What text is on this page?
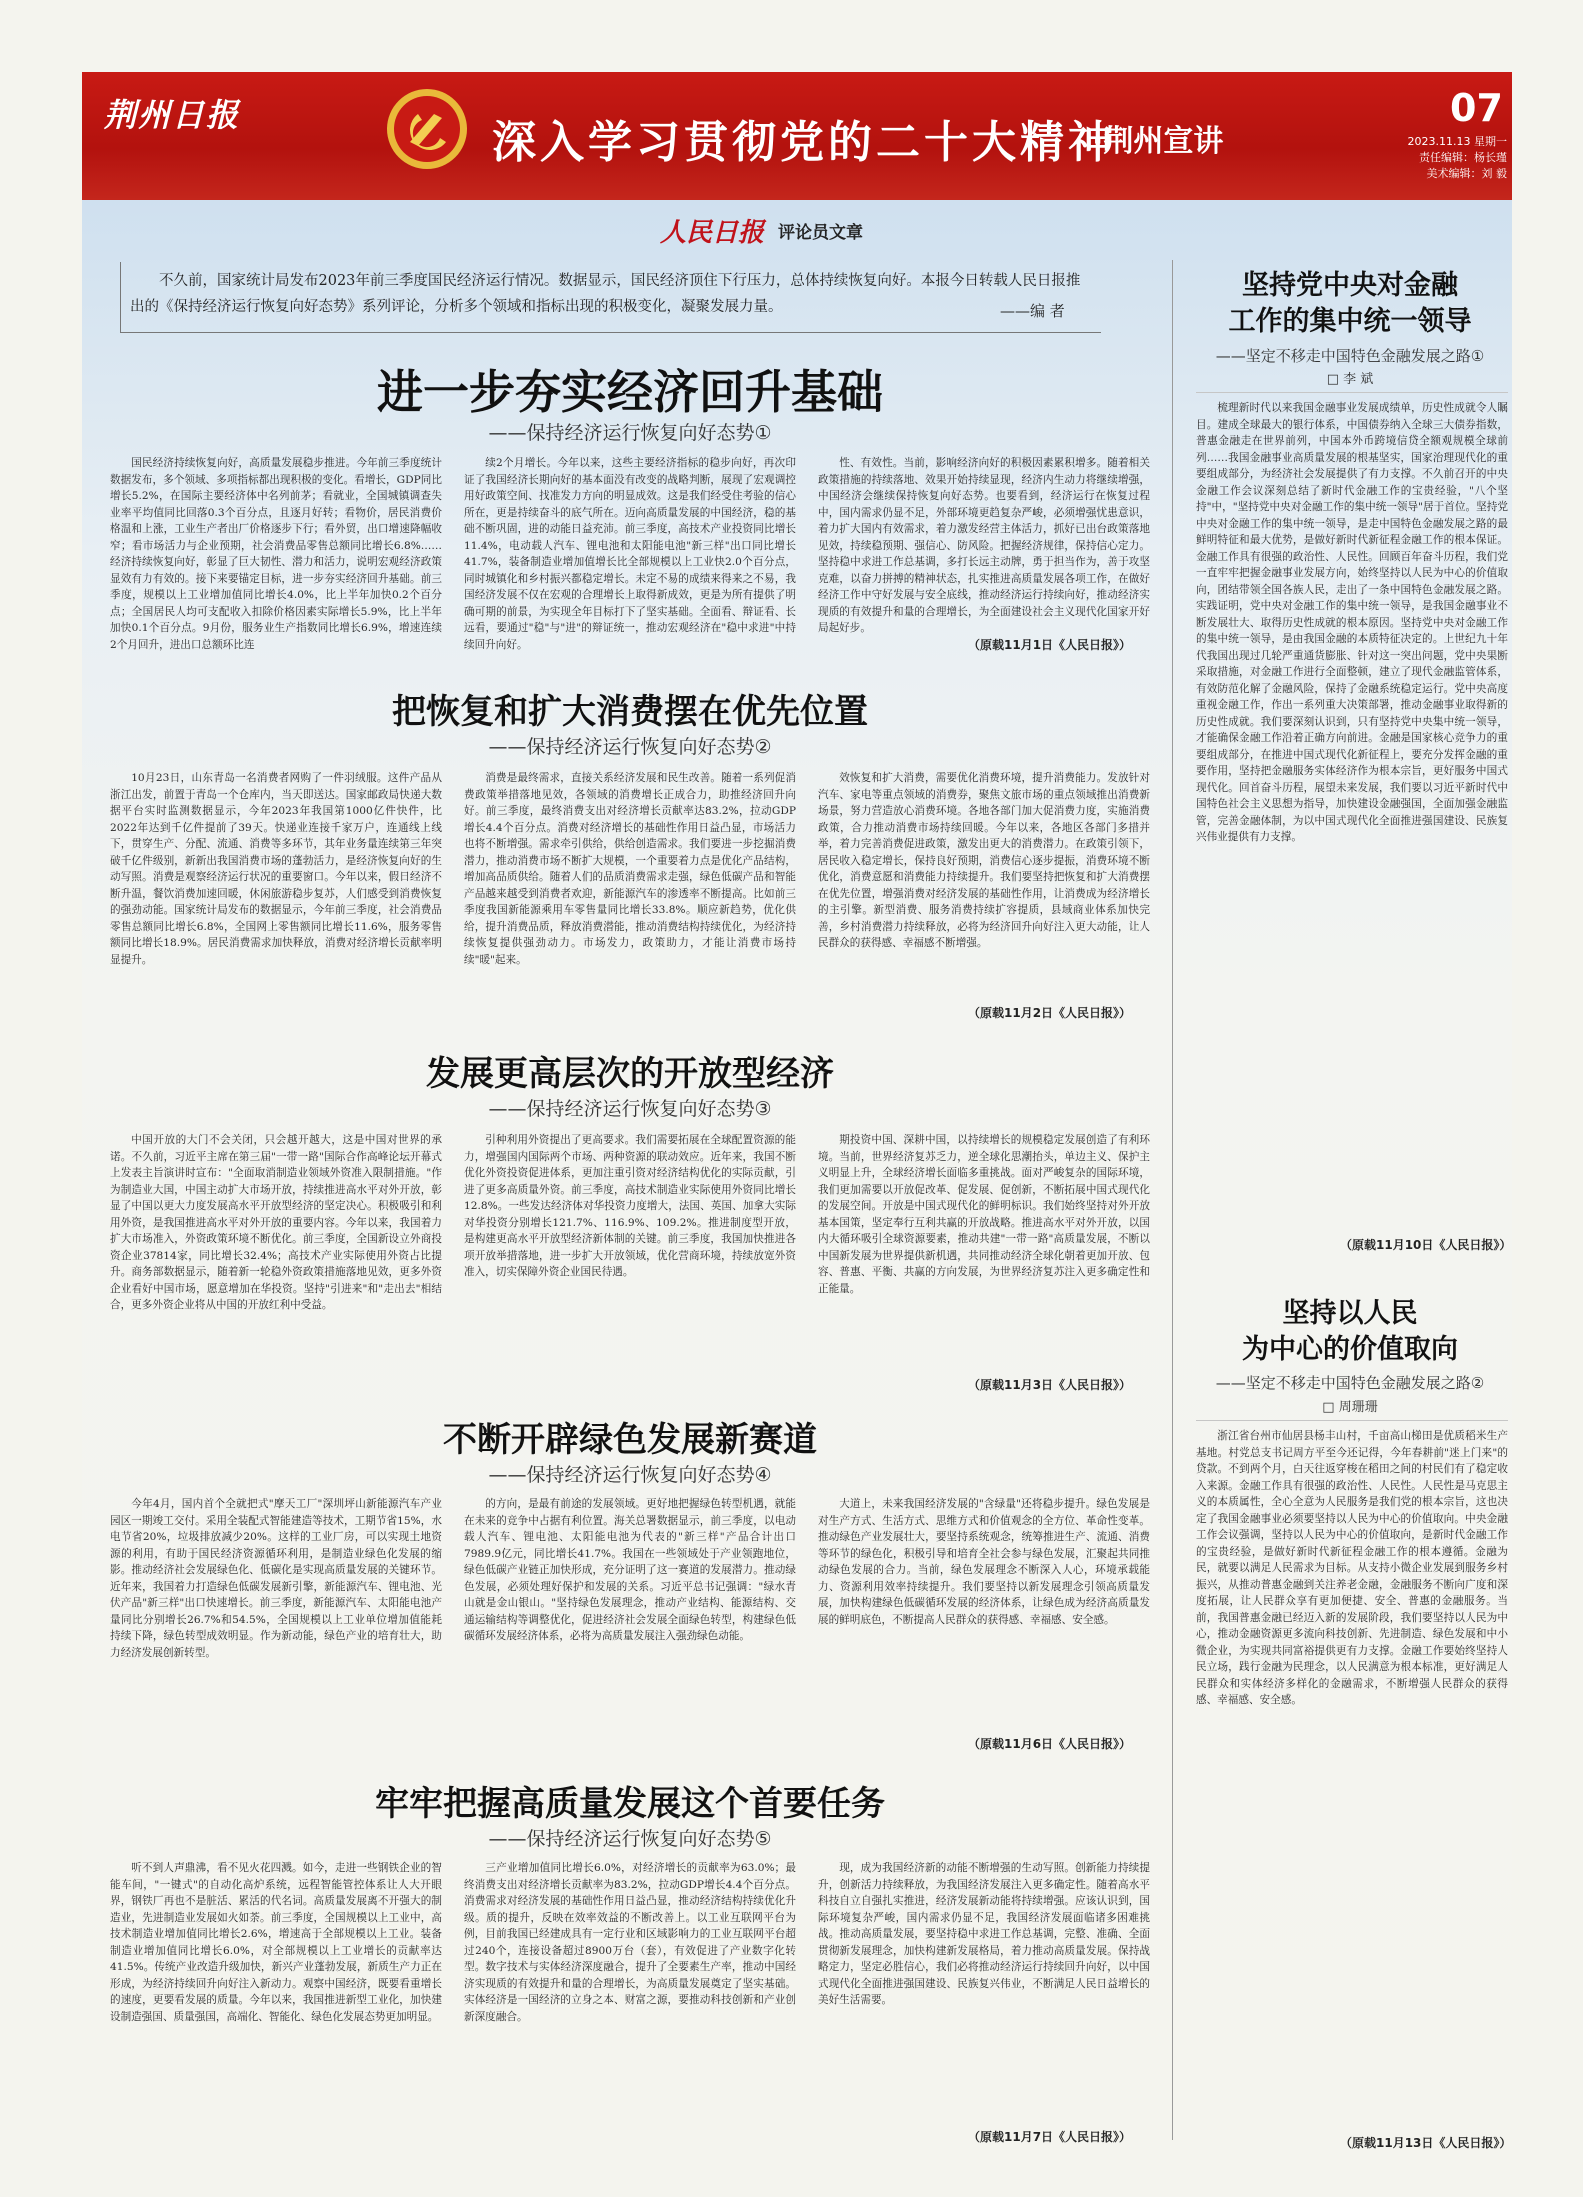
荆州日报
深入学习贯彻党的二十大精神
·荆州宣讲
07
2023.11.13 星期一
责任编辑：杨长瑾
美术编辑：刘 毅
人民日报 评论员文章
不久前，国家统计局发布2023年前三季度国民经济运行情况。数据显示，国民经济顶住下行压力，总体持续恢复向好。本报今日转载人民日报推出的《保持经济运行恢复向好态势》系列评论，分析多个领域和指标出现的积极变化，凝聚发展力量。	——编 者
进一步夯实经济回升基础
——保持经济运行恢复向好态势①
国民经济持续恢复向好，高质量发展稳步推进。今年前三季度统计数据发布，多个领域、多项指标都出现积极的变化。看增长，GDP同比增长5.2%，在国际主要经济体中名列前茅；看就业，全国城镇调查失业率平均值同比回落0.3个百分点，且逐月好转；看物价，居民消费价格温和上涨，工业生产者出厂价格逐步下行；看外贸，出口增速降幅收窄；看市场活力与企业预期，社会消费品零售总额同比增长6.8%……经济持续恢复向好，彰显了巨大韧性、潜力和活力，说明宏观经济政策显效有力有效的。接下来要锚定目标，进一步夯实经济回升基础。前三季度，规模以上工业增加值同比增长4.0%，比上半年加快0.2个百分点；全国居民人均可支配收入扣除价格因素实际增长5.9%，比上半年加快0.1个百分点。9月份，服务业生产指数同比增长6.9%，增速连续2个月回升，进出口总额环比连
续2个月增长。今年以来，这些主要经济指标的稳步向好，再次印证了我国经济长期向好的基本面没有改变的战略判断，展现了宏观调控用好政策空间、找准发力方向的明显成效。这是我们经受住考验的信心所在，更是持续奋斗的底气所在。迈向高质量发展的中国经济，稳的基础不断巩固，进的动能日益充沛。前三季度，高技术产业投资同比增长11.4%，电动载人汽车、锂电池和太阳能电池"新三样"出口同比增长41.7%，装备制造业增加值增长比全部规模以上工业快2.0个百分点，同时城镇化和乡村振兴都稳定增长。未定不易的成绩来得来之不易，我国经济发展不仅在宏观的合理增长上取得新成效，更是为所有提供了明确可期的前景，为实现全年目标打下了坚实基础。全面看、辩证看、长远看，要通过"稳"与"进"的辩证统一，推动宏观经济在"稳中求进"中持续回升向好。
性、有效性。当前，影响经济向好的积极因素累积增多。随着相关政策措施的持续落地、效果开始持续显现，经济内生动力将继续增强，中国经济会继续保持恢复向好态势。也要看到，经济运行在恢复过程中，国内需求仍显不足，外部环境更趋复杂严峻，必须增强忧患意识，着力扩大国内有效需求，着力激发经营主体活力，抓好已出台政策落地见效，持续稳预期、强信心、防风险。把握经济规律，保持信心定力。坚持稳中求进工作总基调，多打长远主动牌，勇于担当作为，善于攻坚克难，以奋力拼搏的精神状态，扎实推进高质量发展各项工作，在做好经济工作中守好发展与安全底线，推动经济运行持续向好，推动经济实现质的有效提升和量的合理增长，为全面建设社会主义现代化国家开好局起好步。
（原载11月1日《人民日报》）
把恢复和扩大消费摆在优先位置
——保持经济运行恢复向好态势②
10月23日，山东青岛一名消费者网购了一件羽绒服。这件产品从浙江出发，前置于青岛一个仓库内，当天即送达。国家邮政局快递大数据平台实时监测数据显示，今年2023年我国第1000亿件快件，比2022年达到千亿件提前了39天。快递业连接千家万户，连通线上线下，贯穿生产、分配、流通、消费等多环节，其年业务量连续第三年突破千亿件级别，新新出我国消费市场的蓬勃活力，是经济恢复向好的生动写照。消费是观察经济运行状况的重要窗口。今年以来，假日经济不断升温，餐饮消费加速回暖，休闲旅游稳步复苏，人们感受到消费恢复的强劲动能。国家统计局发布的数据显示，今年前三季度，社会消费品零售总额同比增长6.8%，全国网上零售额同比增长11.6%，服务零售额同比增长18.9%。居民消费需求加快释放，消费对经济增长贡献率明显提升。
消费是最终需求，直接关系经济发展和民生改善。随着一系列促消费政策举措落地见效，各领域的消费增长正成合力，助推经济回升向好。前三季度，最终消费支出对经济增长贡献率达83.2%，拉动GDP增长4.4个百分点。消费对经济增长的基础性作用日益凸显，市场活力也将不断增强。需求牵引供给，供给创造需求。我们要进一步挖掘消费潜力，推动消费市场不断扩大规模，一个重要着力点是优化产品结构，增加高品质供给。随着人们的品质消费需求走强，绿色低碳产品和智能产品越来越受到消费者欢迎，新能源汽车的渗透率不断提高。比如前三季度我国新能源乘用车零售量同比增长33.8%。顺应新趋势，优化供给，提升消费品质，释放消费潜能，推动消费结构持续优化，为经济持续恢复提供强劲动力。市场发力，政策助力，才能让消费市场持续"暖"起来。
效恢复和扩大消费，需要优化消费环境，提升消费能力。发放针对汽车、家电等重点领域的消费券，聚焦文旅市场的重点领域推出消费新场景，努力营造放心消费环境。各地各部门加大促消费力度，实施消费政策，合力推动消费市场持续回暖。今年以来，各地区各部门多措并举，着力完善消费促进政策，激发出更大的消费潜力。在政策引领下，居民收入稳定增长，保持良好预期，消费信心逐步提振，消费环境不断优化，消费意愿和消费能力持续提升。我们要坚持把恢复和扩大消费摆在优先位置，增强消费对经济发展的基础性作用，让消费成为经济增长的主引擎。新型消费、服务消费持续扩容提质，县域商业体系加快完善，乡村消费潜力持续释放，必将为经济回升向好注入更大动能，让人民群众的获得感、幸福感不断增强。
（原载11月2日《人民日报》）
发展更高层次的开放型经济
——保持经济运行恢复向好态势③
中国开放的大门不会关闭，只会越开越大，这是中国对世界的承诺。不久前，习近平主席在第三届"一带一路"国际合作高峰论坛开幕式上发表主旨演讲时宣布："全面取消制造业领域外资准入限制措施。"作为制造业大国，中国主动扩大市场开放，持续推进高水平对外开放，彰显了中国以更大力度发展高水平开放型经济的坚定决心。积极吸引和利用外资，是我国推进高水平对外开放的重要内容。今年以来，我国着力扩大市场准入，外资政策环境不断优化。前三季度，全国新设立外商投资企业37814家，同比增长32.4%；高技术产业实际使用外资占比提升。商务部数据显示，随着新一轮稳外资政策措施落地见效，更多外资企业看好中国市场，愿意增加在华投资。坚持"引进来"和"走出去"相结合，更多外资企业将从中国的开放红利中受益。
引种利用外资提出了更高要求。我们需要拓展在全球配置资源的能力，增强国内国际两个市场、两种资源的联动效应。近年来，我国不断优化外资投资促进体系，更加注重引资对经济结构优化的实际贡献，引进了更多高质量外资。前三季度，高技术制造业实际使用外资同比增长12.8%。一些发达经济体对华投资力度增大，法国、英国、加拿大实际对华投资分别增长121.7%、116.9%、109.2%。推进制度型开放，是构建更高水平开放型经济新体制的关键。前三季度，我国加快推进各项开放举措落地，进一步扩大开放领域，优化营商环境，持续放宽外资准入，切实保障外资企业国民待遇。
期投资中国、深耕中国，以持续增长的规模稳定发展创造了有利环境。当前，世界经济复苏乏力，逆全球化思潮抬头，单边主义、保护主义明显上升，全球经济增长面临多重挑战。面对严峻复杂的国际环境，我们更加需要以开放促改革、促发展、促创新，不断拓展中国式现代化的发展空间。开放是中国式现代化的鲜明标识。我们始终坚持对外开放基本国策，坚定奉行互利共赢的开放战略。推进高水平对外开放，以国内大循环吸引全球资源要素，推动共建"一带一路"高质量发展，不断以中国新发展为世界提供新机遇，共同推动经济全球化朝着更加开放、包容、普惠、平衡、共赢的方向发展，为世界经济复苏注入更多确定性和正能量。
（原载11月3日《人民日报》）
不断开辟绿色发展新赛道
——保持经济运行恢复向好态势④
今年4月，国内首个全就把式"摩天工厂"深圳坪山新能源汽车产业园区一期竣工交付。采用全装配式智能建造等技术，工期节省15%，水电节省20%，垃圾排放减少20%。这样的工业厂房，可以实现土地资源的利用，有助于国民经济资源循环利用，是制造业绿色化发展的缩影。推动经济社会发展绿色化、低碳化是实现高质量发展的关键环节。近年来，我国着力打造绿色低碳发展新引擎，新能源汽车、锂电池、光伏产品"新三样"出口快速增长。前三季度，新能源汽车、太阳能电池产量同比分别增长26.7%和54.5%，全国规模以上工业单位增加值能耗持续下降，绿色转型成效明显。作为新动能，绿色产业的培育壮大，助力经济发展创新转型。
的方向，是最有前途的发展领域。更好地把握绿色转型机遇，就能在未来的竞争中占据有利位置。海关总署数据显示，前三季度，以电动载人汽车、锂电池、太阳能电池为代表的"新三样"产品合计出口7989.9亿元，同比增长41.7%。我国在一些领域处于产业领跑地位，绿色低碳产业链正加快形成，充分证明了这一赛道的发展潜力。推动绿色发展，必须处理好保护和发展的关系。习近平总书记强调："绿水青山就是金山银山。"坚持绿色发展理念，推动产业结构、能源结构、交通运输结构等调整优化，促进经济社会发展全面绿色转型，构建绿色低碳循环发展经济体系，必将为高质量发展注入强劲绿色动能。
大道上，未来我国经济发展的"含绿量"还将稳步提升。绿色发展是对生产方式、生活方式、思维方式和价值观念的全方位、革命性变革。推动绿色产业发展壮大，要坚持系统观念，统筹推进生产、流通、消费等环节的绿色化，积极引导和培育全社会参与绿色发展，汇聚起共同推动绿色发展的合力。当前，绿色发展理念不断深入人心，环境承载能力、资源利用效率持续提升。我们要坚持以新发展理念引领高质量发展，加快构建绿色低碳循环发展的经济体系，让绿色成为经济高质量发展的鲜明底色，不断提高人民群众的获得感、幸福感、安全感。
（原载11月6日《人民日报》）
牢牢把握高质量发展这个首要任务
——保持经济运行恢复向好态势⑤
听不到人声鼎沸，看不见火花四溅。如今，走进一些钢铁企业的智能车间，"一键式"的自动化高炉系统，远程智能管控体系让人大开眼界，钢铁厂再也不是脏活、累活的代名词。高质量发展离不开强大的制造业，先进制造业发展如火如荼。前三季度，全国规模以上工业中，高技术制造业增加值同比增长2.6%，增速高于全部规模以上工业。装备制造业增加值同比增长6.0%，对全部规模以上工业增长的贡献率达41.5%。传统产业改造升级加快，新兴产业蓬勃发展，新质生产力正在形成，为经济持续回升向好注入新动力。观察中国经济，既要看重增长的速度，更要看发展的质量。今年以来，我国推进新型工业化，加快建设制造强国、质量强国，高端化、智能化、绿色化发展态势更加明显。
三产业增加值同比增长6.0%，对经济增长的贡献率为63.0%；最终消费支出对经济增长贡献率为83.2%，拉动GDP增长4.4个百分点。消费需求对经济发展的基础性作用日益凸显，推动经济结构持续优化升级。质的提升，反映在效率效益的不断改善上。以工业互联网平台为例，目前我国已经建成具有一定行业和区域影响力的工业互联网平台超过240个，连接设备超过8900万台（套），有效促进了产业数字化转型。数字技术与实体经济深度融合，提升了全要素生产率，推动中国经济实现质的有效提升和量的合理增长，为高质量发展奠定了坚实基础。实体经济是一国经济的立身之本、财富之源，要推动科技创新和产业创新深度融合。
现，成为我国经济新的动能不断增强的生动写照。创新能力持续提升，创新活力持续释放，为我国经济发展注入更多确定性。随着高水平科技自立自强扎实推进，经济发展新动能将持续增强。应该认识到，国际环境复杂严峻，国内需求仍显不足，我国经济发展面临诸多困难挑战。推动高质量发展，要坚持稳中求进工作总基调，完整、准确、全面贯彻新发展理念，加快构建新发展格局，着力推动高质量发展。保持战略定力，坚定必胜信心，我们必将推动经济运行持续回升向好，以中国式现代化全面推进强国建设、民族复兴伟业，不断满足人民日益增长的美好生活需要。
（原载11月7日《人民日报》）
坚持党中央对金融
工作的集中统一领导
——坚定不移走中国特色金融发展之路①
□ 李 斌
梳理新时代以来我国金融事业发展成绩单，历史性成就令人瞩目。建成全球最大的银行体系，中国债券纳入全球三大债券指数，普惠金融走在世界前列，中国本外币跨境信贷全额观规模全球前列……我国金融事业高质量发展的根基坚实，国家治理现代化的重要组成部分，为经济社会发展提供了有力支撑。不久前召开的中央金融工作会议深刻总结了新时代金融工作的宝贵经验，"八个坚持"中，"坚持党中央对金融工作的集中统一领导"居于首位。坚持党中央对金融工作的集中统一领导，是走中国特色金融发展之路的最鲜明特征和最大优势，是做好新时代新征程金融工作的根本保证。金融工作具有很强的政治性、人民性。回顾百年奋斗历程，我们党一直牢牢把握金融事业发展方向，始终坚持以人民为中心的价值取向，团结带领全国各族人民，走出了一条中国特色金融发展之路。实践证明，党中央对金融工作的集中统一领导，是我国金融事业不断发展壮大、取得历史性成就的根本原因。坚持党中央对金融工作的集中统一领导，是由我国金融的本质特征决定的。上世纪九十年代我国出现过几轮严重通货膨胀、针对这一突出问题，党中央果断采取措施，对金融工作进行全面整顿，建立了现代金融监管体系，有效防范化解了金融风险，保持了金融系统稳定运行。党中央高度重视金融工作，作出一系列重大决策部署，推动金融事业取得新的历史性成就。我们要深刻认识到，只有坚持党中央集中统一领导，才能确保金融工作沿着正确方向前进。金融是国家核心竞争力的重要组成部分，在推进中国式现代化新征程上，要充分发挥金融的重要作用，坚持把金融服务实体经济作为根本宗旨，更好服务中国式现代化。回首奋斗历程，展望未来发展，我们要以习近平新时代中国特色社会主义思想为指导，加快建设金融强国，全面加强金融监管，完善金融体制，为以中国式现代化全面推进强国建设、民族复兴伟业提供有力支撑。
（原载11月10日《人民日报》）
坚持以人民
为中心的价值取向
——坚定不移走中国特色金融发展之路②
□ 周珊珊
浙江省台州市仙居县杨丰山村，千亩高山梯田是优质稻米生产基地。村党总支书记周方平至今还记得，今年春耕前"迷上门来"的贷款。不到两个月，白天往返穿梭在稻田之间的村民们有了稳定收入来源。金融工作具有很强的政治性、人民性。人民性是马克思主义的本质属性，全心全意为人民服务是我们党的根本宗旨，这也决定了我国金融事业必须要坚持以人民为中心的价值取向。中央金融工作会议强调，坚持以人民为中心的价值取向，是新时代金融工作的宝贵经验，是做好新时代新征程金融工作的根本遵循。金融为民，就要以满足人民需求为目标。从支持小微企业发展到服务乡村振兴，从推动普惠金融到关注养老金融，金融服务不断向广度和深度拓展，让人民群众享有更加便捷、安全、普惠的金融服务。当前，我国普惠金融已经迈入新的发展阶段，我们要坚持以人民为中心，推动金融资源更多流向科技创新、先进制造、绿色发展和中小微企业，为实现共同富裕提供更有力支撑。金融工作要始终坚持人民立场，践行金融为民理念，以人民满意为根本标准，更好满足人民群众和实体经济多样化的金融需求，不断增强人民群众的获得感、幸福感、安全感。
（原载11月13日《人民日报》）
